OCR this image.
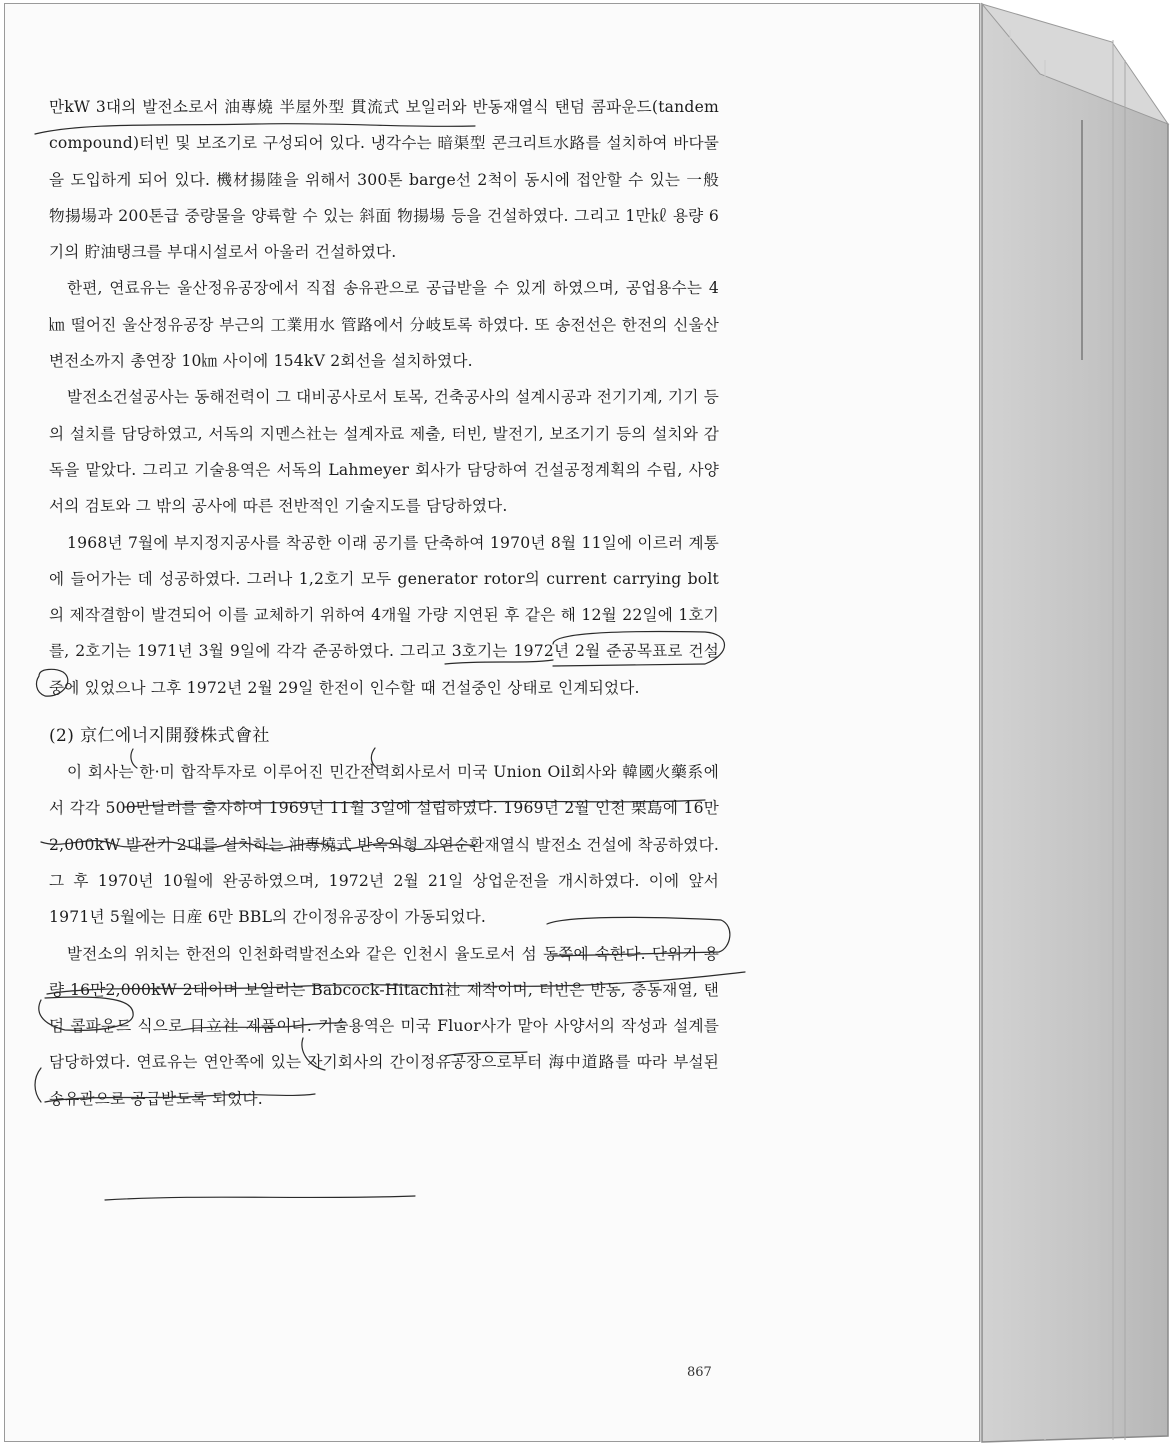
만kW 3대의 발전소로서 油專燒 半屋外型 貫流式 보일러와 반동재열식 탠덤 콤파운드(tandem compound)터빈 및 보조기로 구성되어 있다. 냉각수는 暗渠型 콘크리트水路를 설치하여 바다물을 도입하게 되어 있다. 機材揚陸을 위해서 300톤 barge선 2척이 동시에 접안할 수 있는 一般 物揚場과 200톤급 중량물을 양륙할 수 있는 斜面 物揚場 등을 건설하였다. 그리고 1만㎘ 용량 6기의 貯油탱크를 부대시설로서 아울러 건설하였다.

한편, 연료유는 울산정유공장에서 직접 송유관으로 공급받을 수 있게 하였으며, 공업용수는 4㎞ 떨어진 울산정유공장 부근의 工業用水 管路에서 分岐토록 하였다. 또 송전선은 한전의 신울산변전소까지 총연장 10㎞ 사이에 154kV 2회선을 설치하였다.

발전소건설공사는 동해전력이 그 대비공사로서 토목, 건축공사의 설계시공과 전기기계, 기기 등의 설치를 담당하였고, 서독의 지멘스社는 설계자료 제출, 터빈, 발전기, 보조기기 등의 설치와 감독을 맡았다. 그리고 기술용역은 서독의 Lahmeyer 회사가 담당하여 건설공정계획의 수립, 사양서의 검토와 그 밖의 공사에 따른 전반적인 기술지도를 담당하였다.

1968년 7월에 부지정지공사를 착공한 이래 공기를 단축하여 1970년 8월 11일에 이르러 계통에 들어가는 데 성공하였다. 그러나 1,2호기 모두 generator rotor의 current carrying bolt의 제작결함이 발견되어 이를 교체하기 위하여 4개월 가량 지연된 후 같은 해 12월 22일에 1호기를, 2호기는 1971년 3월 9일에 각각 준공하였다. 그리고 3호기는 1972년 2월 준공목표로 건설중에 있었으나 그후 1972년 2월 29일 한전이 인수할 때 건설중인 상태로 인계되었다.

(2) 京仁에너지開發株式會社

이 회사는 한·미 합작투자로 이루어진 민간전력회사로서 미국 Union Oil회사와 韓國火藥系에서 각각 500만달러를 출자하여 1969년 11월 3일에 설립하였다. 1969년 2월 인천 栗島에 16만2,000kW 발전기 2대를 설치하는 油專燒式 반옥외형 자연순환재열식 발전소 건설에 착공하였다. 그 후 1970년 10월에 완공하였으며, 1972년 2월 21일 상업운전을 개시하였다. 이에 앞서 1971년 5월에는 日産 6만 BBL의 간이정유공장이 가동되었다.

발전소의 위치는 한전의 인천화력발전소와 같은 인천시 율도로서 섬 동쪽에 속한다. 단위기 용량 16만2,000kW 2대이며 보일러는 Babcock-Hitachi社 제작이며, 터빈은 반동, 충동재열, 탠덤 콤파운드 식으로 日立社 제품이다. 기술용역은 미국 Fluor사가 맡아 사양서의 작성과 설계를 담당하였다. 연료유는 연안쪽에 있는 자기회사의 간이정유공장으로부터 海中道路를 따라 부설된 송유관으로 공급받도록 되었다.

867
